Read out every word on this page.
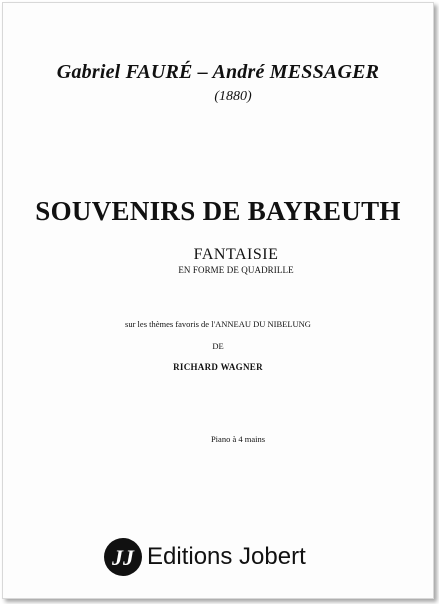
Gabriel FAURÉ – André MESSAGER
(1880)
SOUVENIRS DE BAYREUTH
FANTAISIE
EN FORME DE QUADRILLE
sur les thèmes favoris de l'ANNEAU DU NIBELUNG
DE
RICHARD WAGNER
Piano à 4 mains
JJ Editions Jobert
